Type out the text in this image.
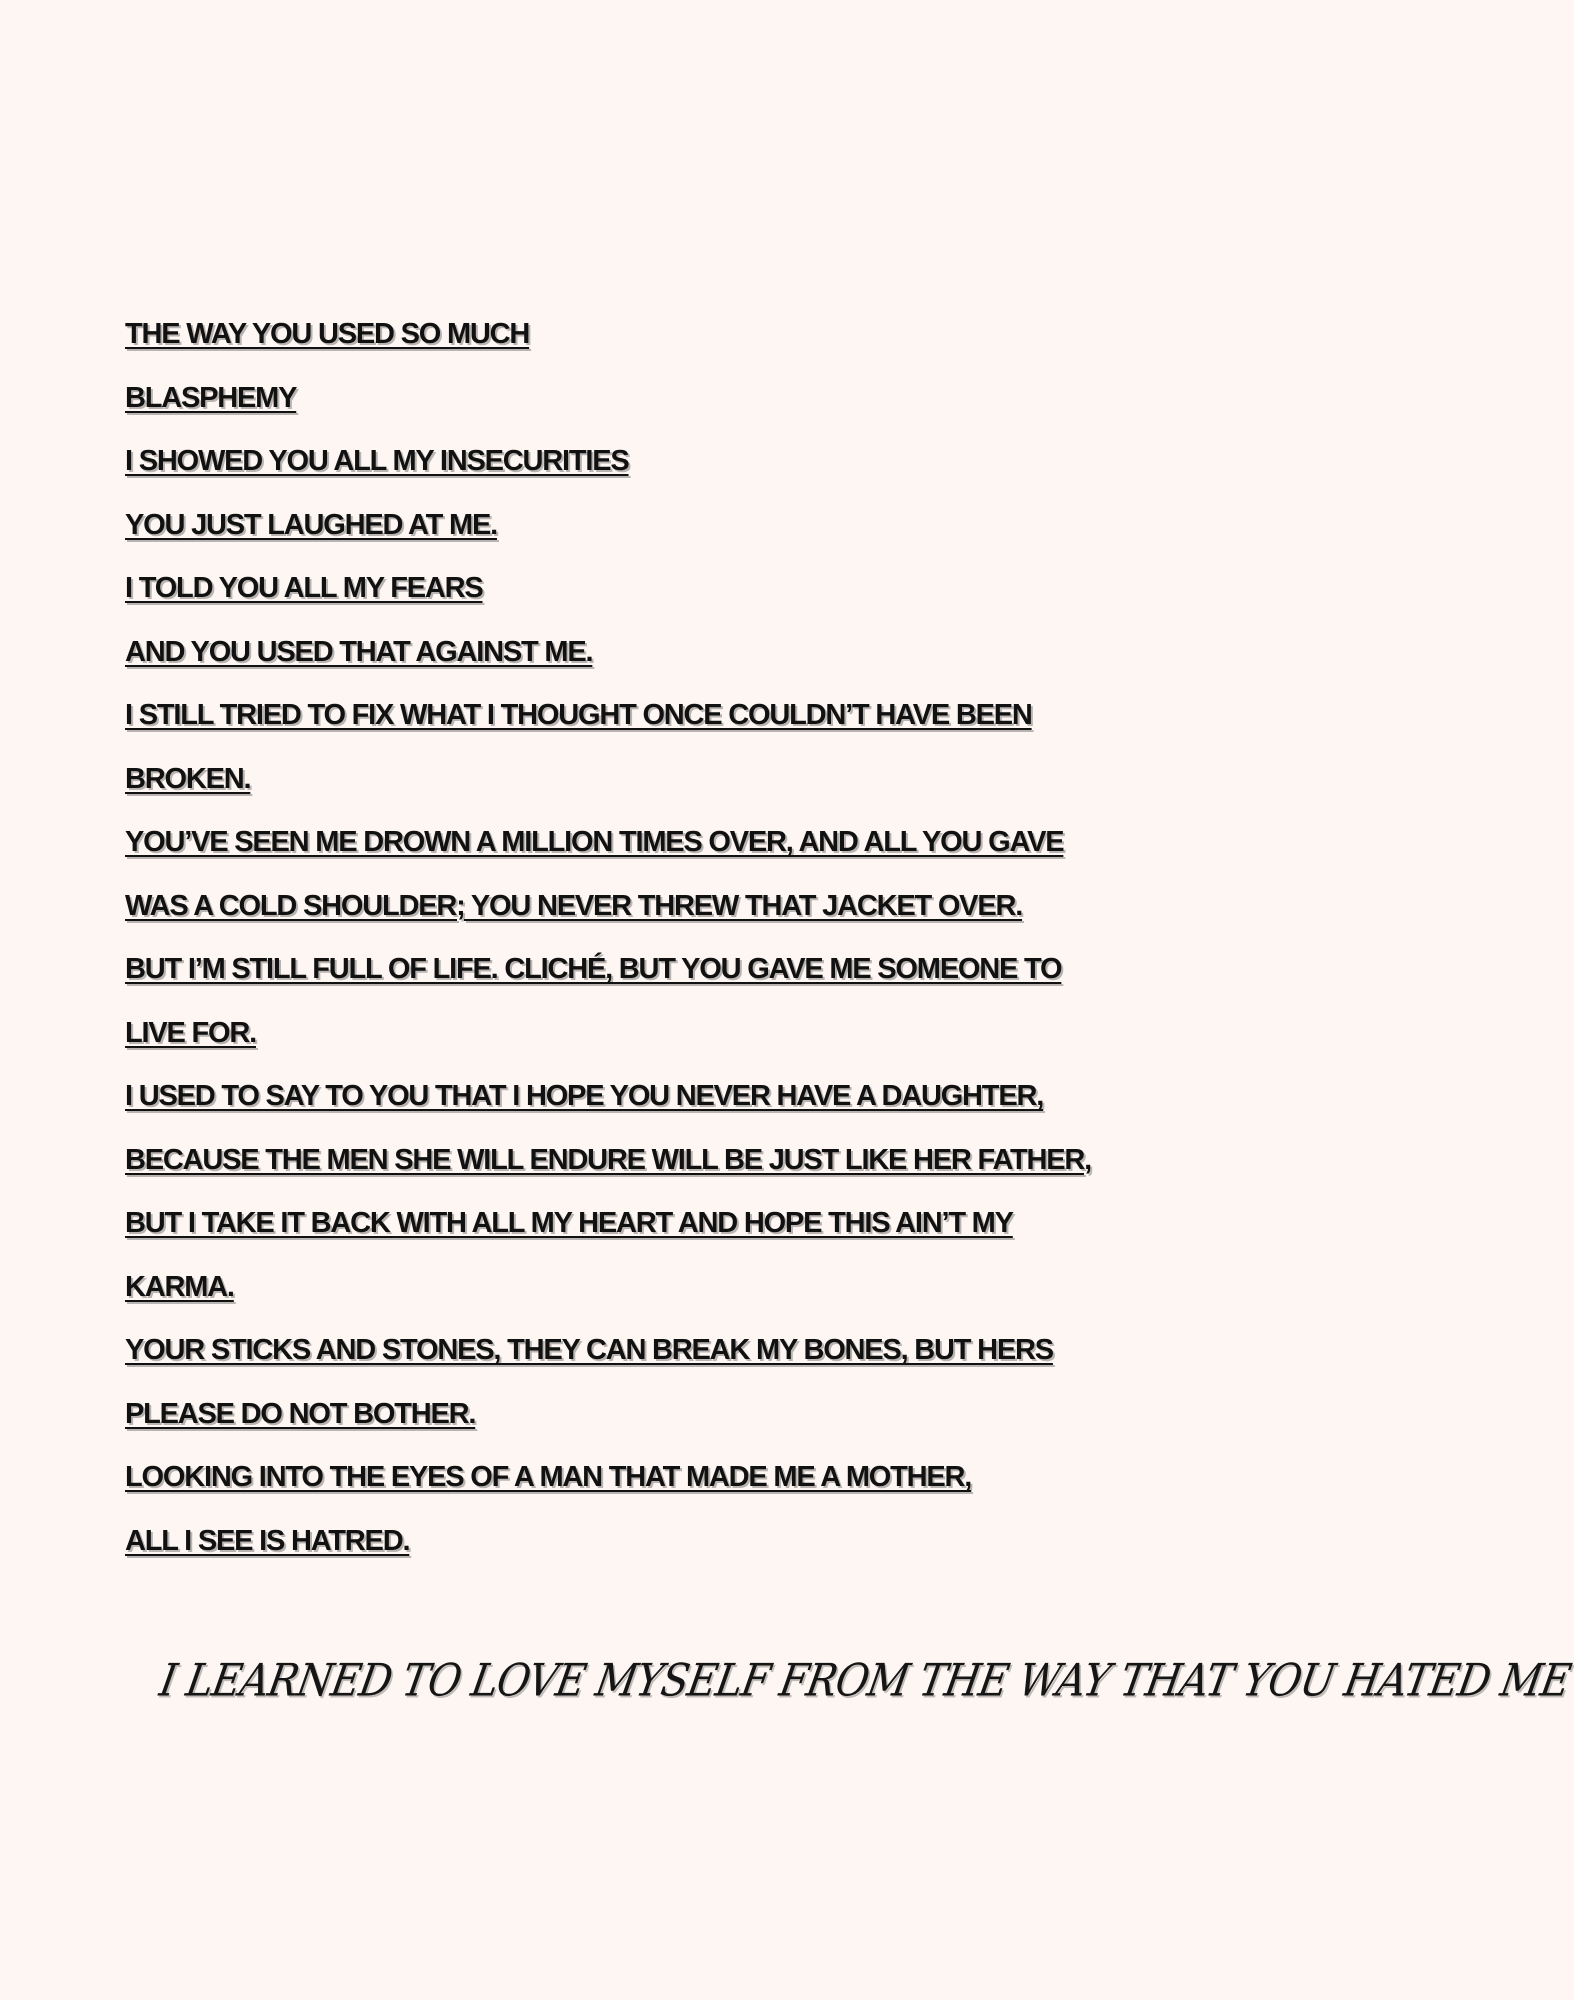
THE WAY YOU USED SO MUCH
BLASPHEMY
I SHOWED YOU ALL MY INSECURITIES
YOU JUST LAUGHED AT ME.
I TOLD YOU ALL MY FEARS
AND YOU USED THAT AGAINST ME.
I STILL TRIED TO FIX WHAT I THOUGHT ONCE COULDN’T HAVE BEEN
BROKEN.
YOU’VE SEEN ME DROWN A MILLION TIMES OVER, AND ALL YOU GAVE
WAS A COLD SHOULDER; YOU NEVER THREW THAT JACKET OVER.
BUT I’M STILL FULL OF LIFE. CLICHÉ, BUT YOU GAVE ME SOMEONE TO
LIVE FOR.
I USED TO SAY TO YOU THAT I HOPE YOU NEVER HAVE A DAUGHTER,
BECAUSE THE MEN SHE WILL ENDURE WILL BE JUST LIKE HER FATHER,
BUT I TAKE IT BACK WITH ALL MY HEART AND HOPE THIS AIN’T MY
KARMA.
YOUR STICKS AND STONES, THEY CAN BREAK MY BONES, BUT HERS
PLEASE DO NOT BOTHER.
LOOKING INTO THE EYES OF A MAN THAT MADE ME A MOTHER,
ALL I SEE IS HATRED.
I LEARNED TO LOVE MYSELF FROM THE WAY THAT YOU HATED ME
